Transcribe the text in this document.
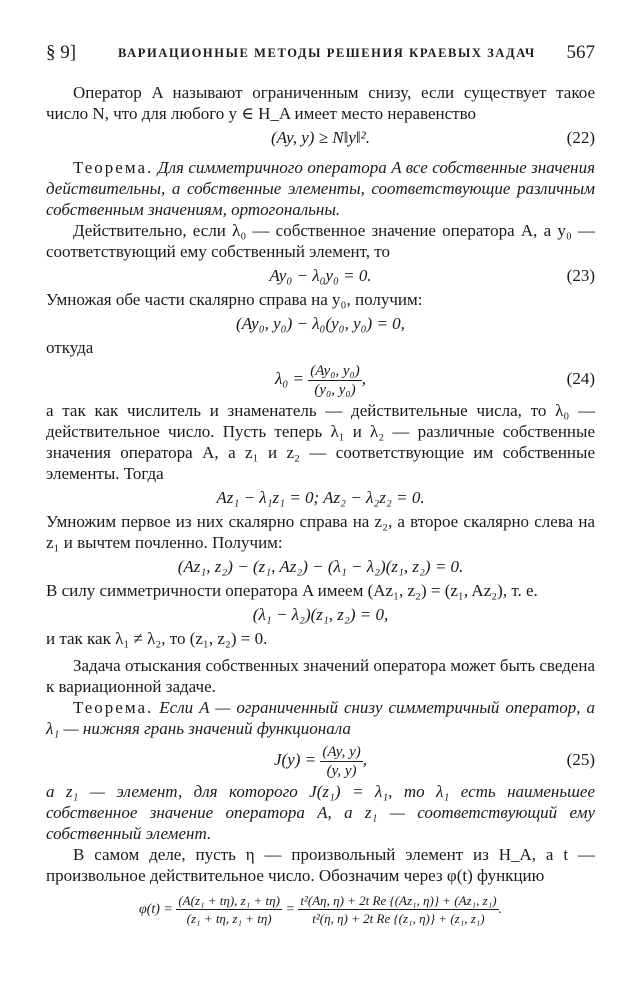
§ 9]	ВАРИАЦИОННЫЕ МЕТОДЫ РЕШЕНИЯ КРАЕВЫХ ЗАДАЧ 567

Оператор A называют ограниченным снизу, если существует такое число N, что для любого y ∈ H_A имеет место неравенство

(Ay, y) ≥ N‖y‖².	(22)

Теорема. Для симметричного оператора A все собственные значения действительны, а собственные элементы, соответствующие различным собственным значениям, ортогональны.

Действительно, если λ₀ — собственное значение оператора A, а y₀ — соответствующий ему собственный элемент, то

Ay₀ − λ₀y₀ = 0.	(23)

Умножая обе части скалярно справа на y₀, получим:

(Ay₀, y₀) − λ₀(y₀, y₀) = 0,

откуда

$\lambda_0 = \frac{\text{(Ay₀, y₀)}}{\text{(y₀, y₀)}}$ ,	(24)

а так как числитель и знаменатель — действительные числа, то λ₀ — действительное число. Пусть теперь λ₁ и λ₂ — различные собственные значения оператора A, а z₁ и z₂ — соответствующие им собственные элементы. Тогда

Az₁ − λ₁z₁ = 0; Az₂ − λ₂z₂ = 0.

Умножим первое из них скалярно справа на z₂, а второе скалярно слева на z₁ и вычтем почленно. Получим:

(Az₁, z₂) − (z₁, Az₂) − (λ₁ − λ₂)(z₁, z₂) = 0.

В силу симметричности оператора A имеем (Az₁, z₂) = (z₁, Az₂), т. е.

(λ₁ − λ₂)(z₁, z₂) = 0,

и так как λ₁ ≠ λ₂, то (z₁, z₂) = 0.

Задача отыскания собственных значений оператора может быть сведена к вариационной задаче.

Теорема. Если A — ограниченный снизу симметричный оператор, а λ₁ — нижняя грань значений функционала

$J(y) = \frac{(Ay, y)}{(y, y)}$ ,	(25)

а z₁ — элемент, для которого J(z₁) = λ₁, то λ₁ есть наименьшее собственное значение оператора A, а z₁ — соответствующий ему собственный элемент.

В самом деле, пусть η — произвольный элемент из H_A, а t — произвольное действительное число. Обозначим через φ(t) функцию

$\varphi(t) = \frac{\text{(A(z₁ + tη), z₁ + tη)}}{\text{(z₁ + tη, z₁ + tη)}} = \frac{\text{t²(Aη, η) + 2t Re \{(Az₁, η)\} + (Az₁, z₁)}}{\text{t²(η, η) + 2t Re \{(z₁, η)\} + (z₁, z₁)}}$ .
